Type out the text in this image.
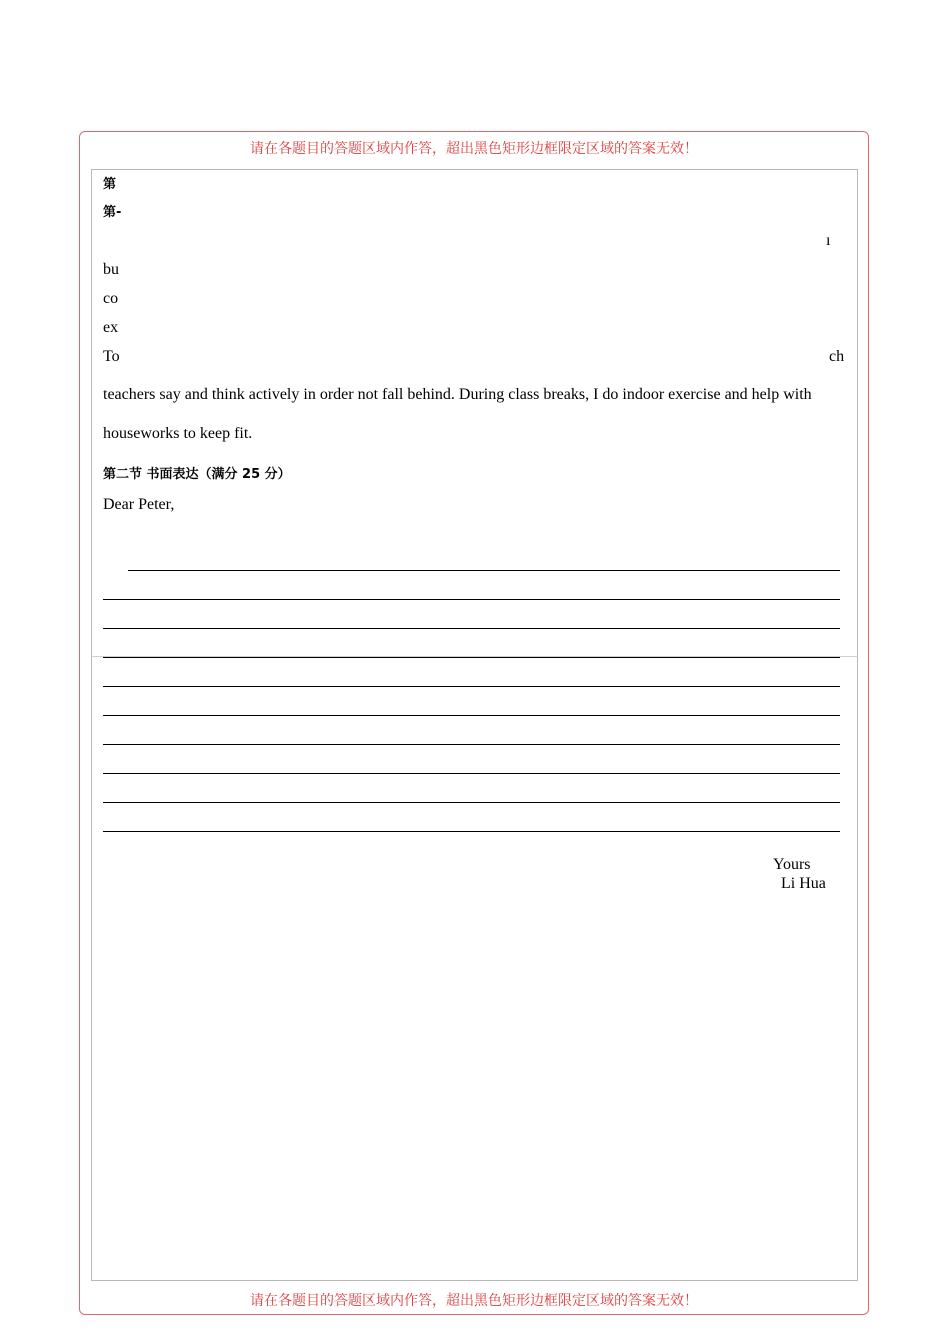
请在各题目的答题区域内作答，超出黑色矩形边框限定区域的答案无效！
请在各题目的答题区域内作答，超出黑色矩形边框限定区域的答案无效！
第
第-
bu
co
ex
To
ı
ch
teachers say and think actively in order not fall behind. During class breaks, I do indoor exercise and help with
houseworks to keep fit.
第二节 书面表达（满分 25 分）
Dear Peter,
Yours
Li Hua
